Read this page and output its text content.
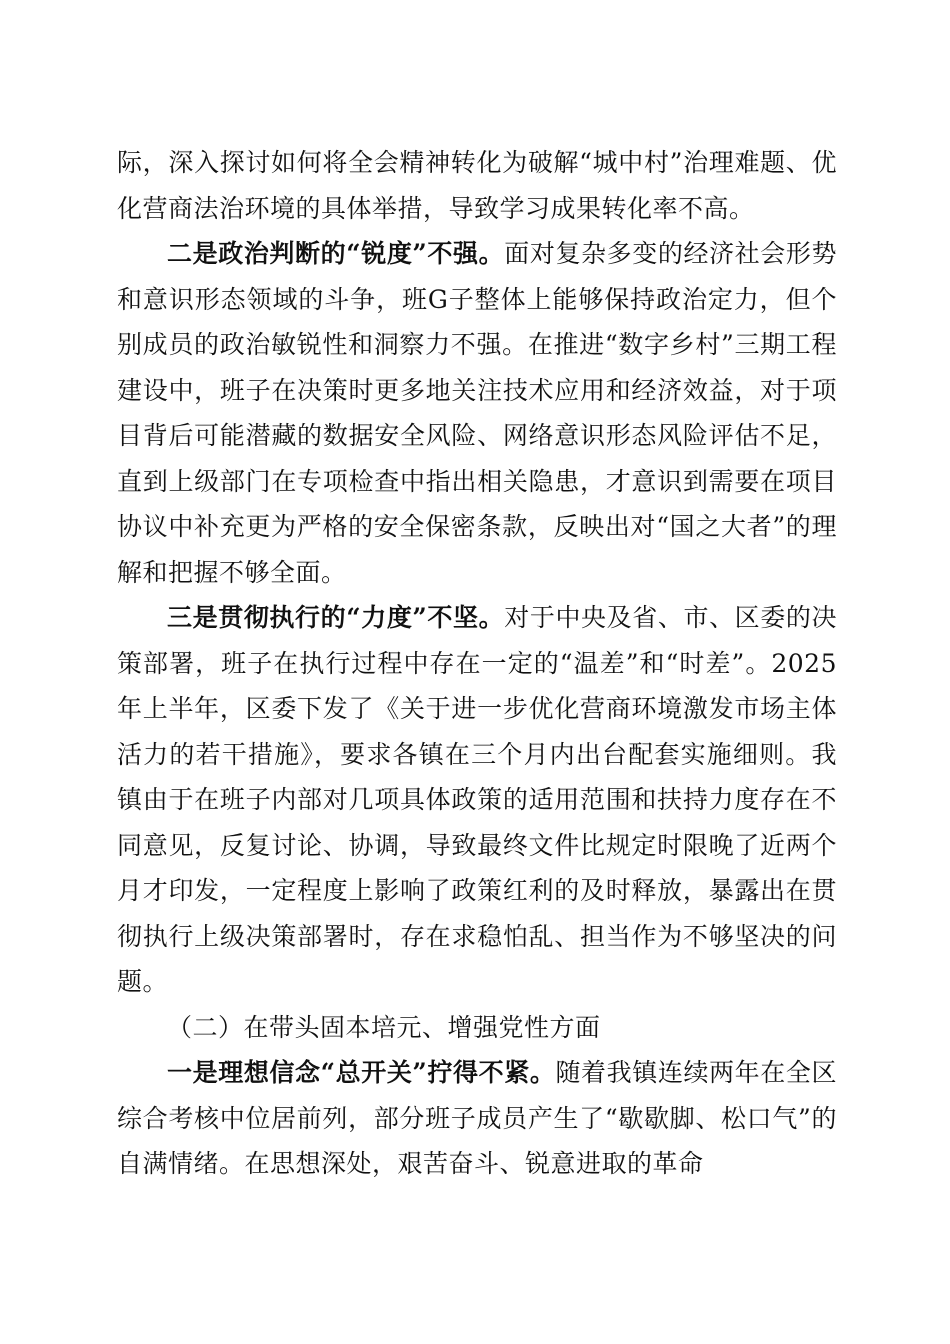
际，深入探讨如何将全会精神转化为破解“城中村”治理难题、优化营商法治环境的具体举措，导致学习成果转化率不高。

二是政治判断的“锐度”不强。面对复杂多变的经济社会形势和意识形态领域的斗争，班G子整体上能够保持政治定力，但个别成员的政治敏锐性和洞察力不强。在推进“数字乡村”三期工程建设中，班子在决策时更多地关注技术应用和经济效益，对于项目背后可能潜藏的数据安全风险、网络意识形态风险评估不足，直到上级部门在专项检查中指出相关隐患，才意识到需要在项目协议中补充更为严格的安全保密条款，反映出对“国之大者”的理解和把握不够全面。

三是贯彻执行的“力度”不坚。对于中央及省、市、区委的决策部署，班子在执行过程中存在一定的“温差”和“时差”。2025年上半年，区委下发了《关于进一步优化营商环境激发市场主体活力的若干措施》，要求各镇在三个月内出台配套实施细则。我镇由于在班子内部对几项具体政策的适用范围和扶持力度存在不同意见，反复讨论、协调，导致最终文件比规定时限晚了近两个月才印发，一定程度上影响了政策红利的及时释放，暴露出在贯彻执行上级决策部署时，存在求稳怕乱、担当作为不够坚决的问题。

（二）在带头固本培元、增强党性方面

一是理想信念“总开关”拧得不紧。随着我镇连续两年在全区综合考核中位居前列，部分班子成员产生了“歇歇脚、松口气”的自满情绪。在思想深处，艰苦奋斗、锐意进取的革命
